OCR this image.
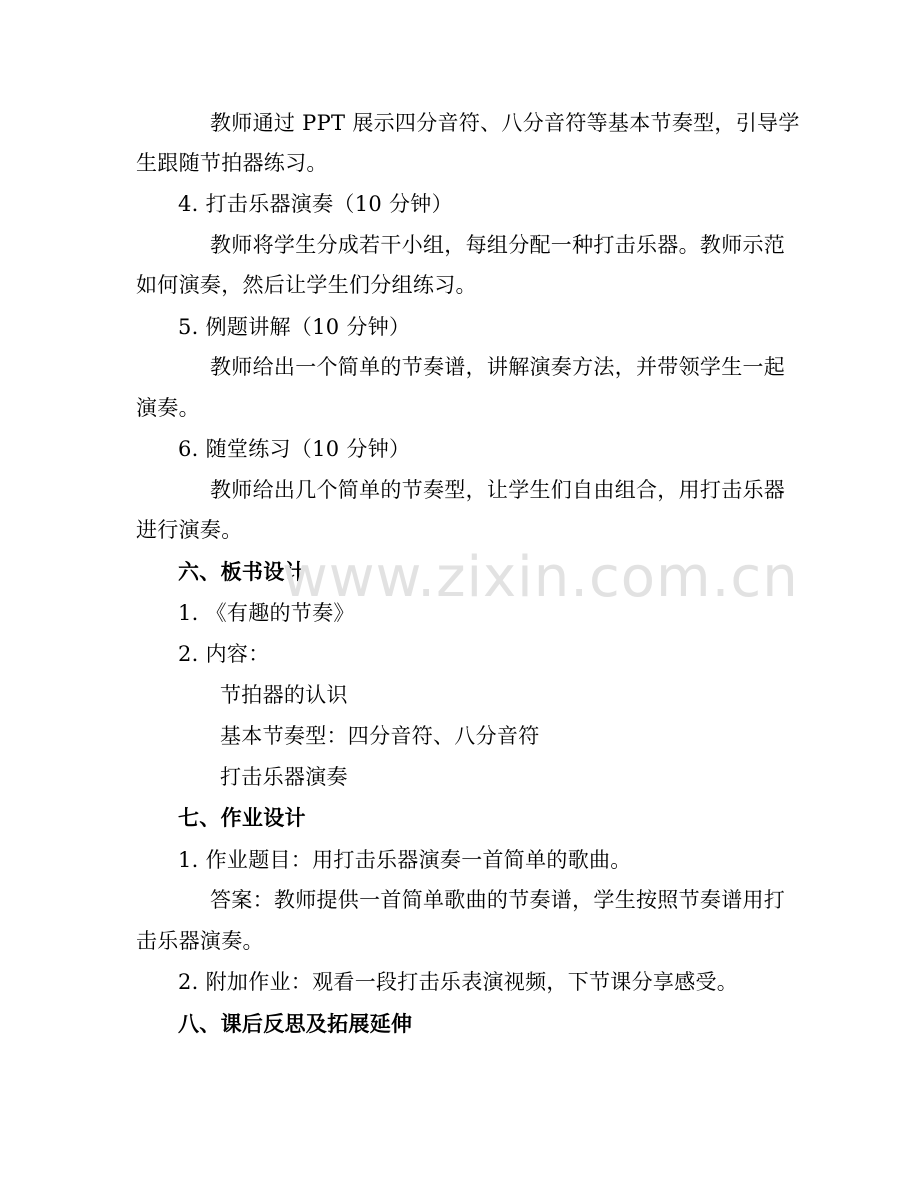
教师通过 PPT 展示四分音符、八分音符等基本节奏型，引导学
生跟随节拍器练习。
4. 打击乐器演奏（10 分钟）
教师将学生分成若干小组，每组分配一种打击乐器。教师示范
如何演奏，然后让学生们分组练习。
5. 例题讲解（10 分钟）
教师给出一个简单的节奏谱，讲解演奏方法，并带领学生一起
演奏。
6. 随堂练习（10 分钟）
教师给出几个简单的节奏型，让学生们自由组合，用打击乐器
进行演奏。
六、板书设计
1. 《有趣的节奏》
2. 内容：
节拍器的认识
基本节奏型：四分音符、八分音符
打击乐器演奏
七、作业设计
1. 作业题目：用打击乐器演奏一首简单的歌曲。
答案：教师提供一首简单歌曲的节奏谱，学生按照节奏谱用打
击乐器演奏。
2. 附加作业：观看一段打击乐表演视频，下节课分享感受。
八、课后反思及拓展延伸
www.zixin.com.cn
